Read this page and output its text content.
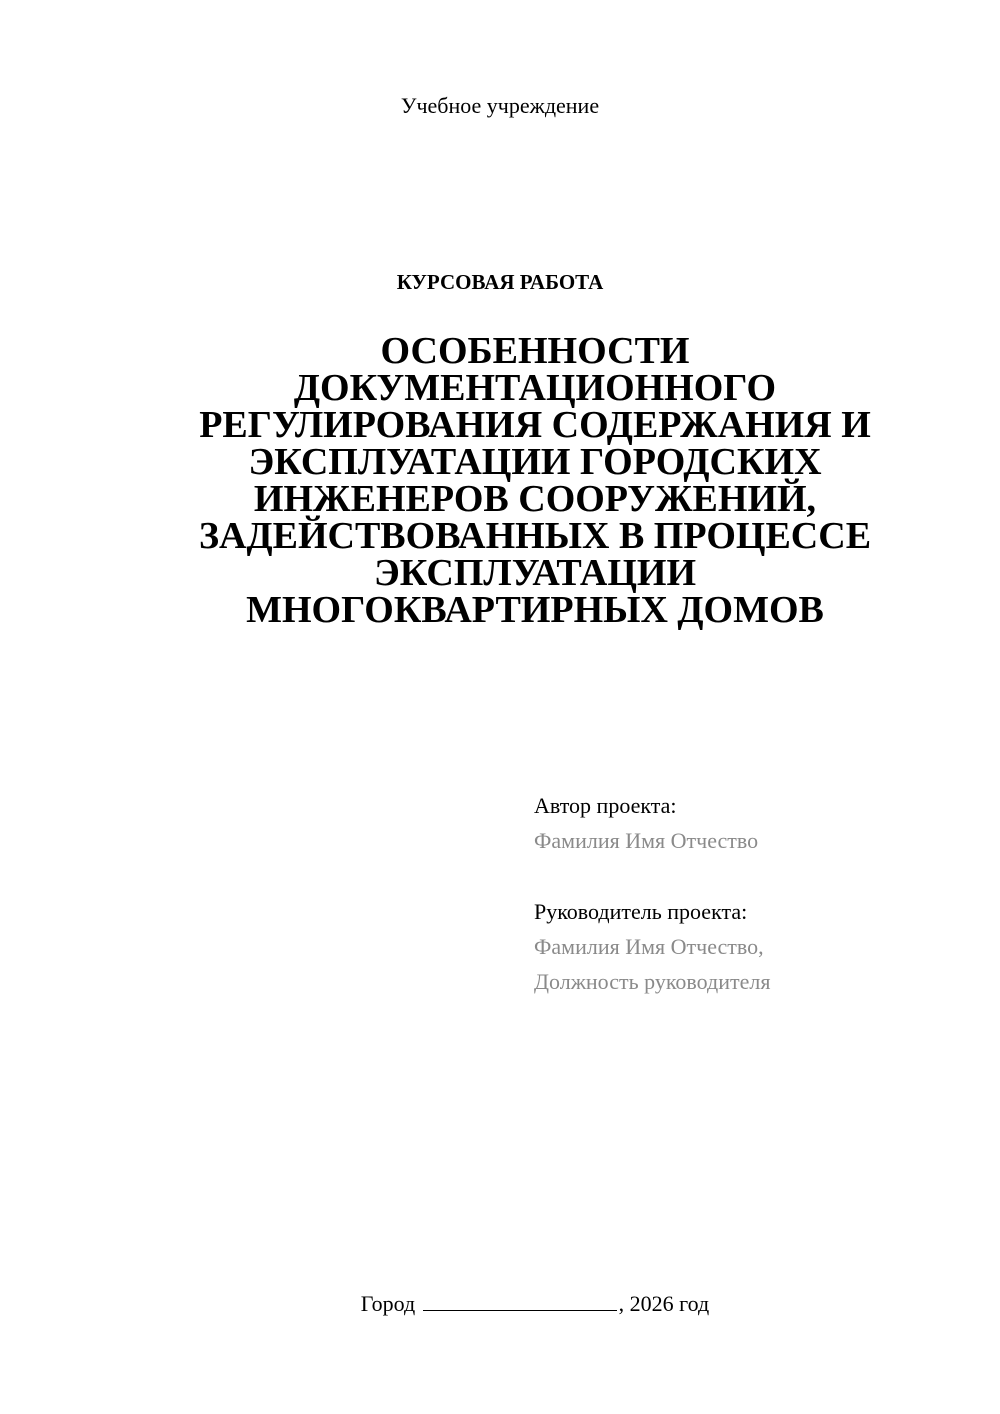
Учебное учреждение
КУРСОВАЯ РАБОТА
ОСОБЕННОСТИ
ДОКУМЕНТАЦИОННОГО
РЕГУЛИРОВАНИЯ СОДЕРЖАНИЯ И
ЭКСПЛУАТАЦИИ ГОРОДСКИХ
ИНЖЕНЕРОВ СООРУЖЕНИЙ,
ЗАДЕЙСТВОВАННЫХ В ПРОЦЕССЕ
ЭКСПЛУАТАЦИИ
МНОГОКВАРТИРНЫХ ДОМОВ
Автор проекта:
Фамилия Имя Отчество
Руководитель проекта:
Фамилия Имя Отчество,
Должность руководителя
Город	, 2026 год
